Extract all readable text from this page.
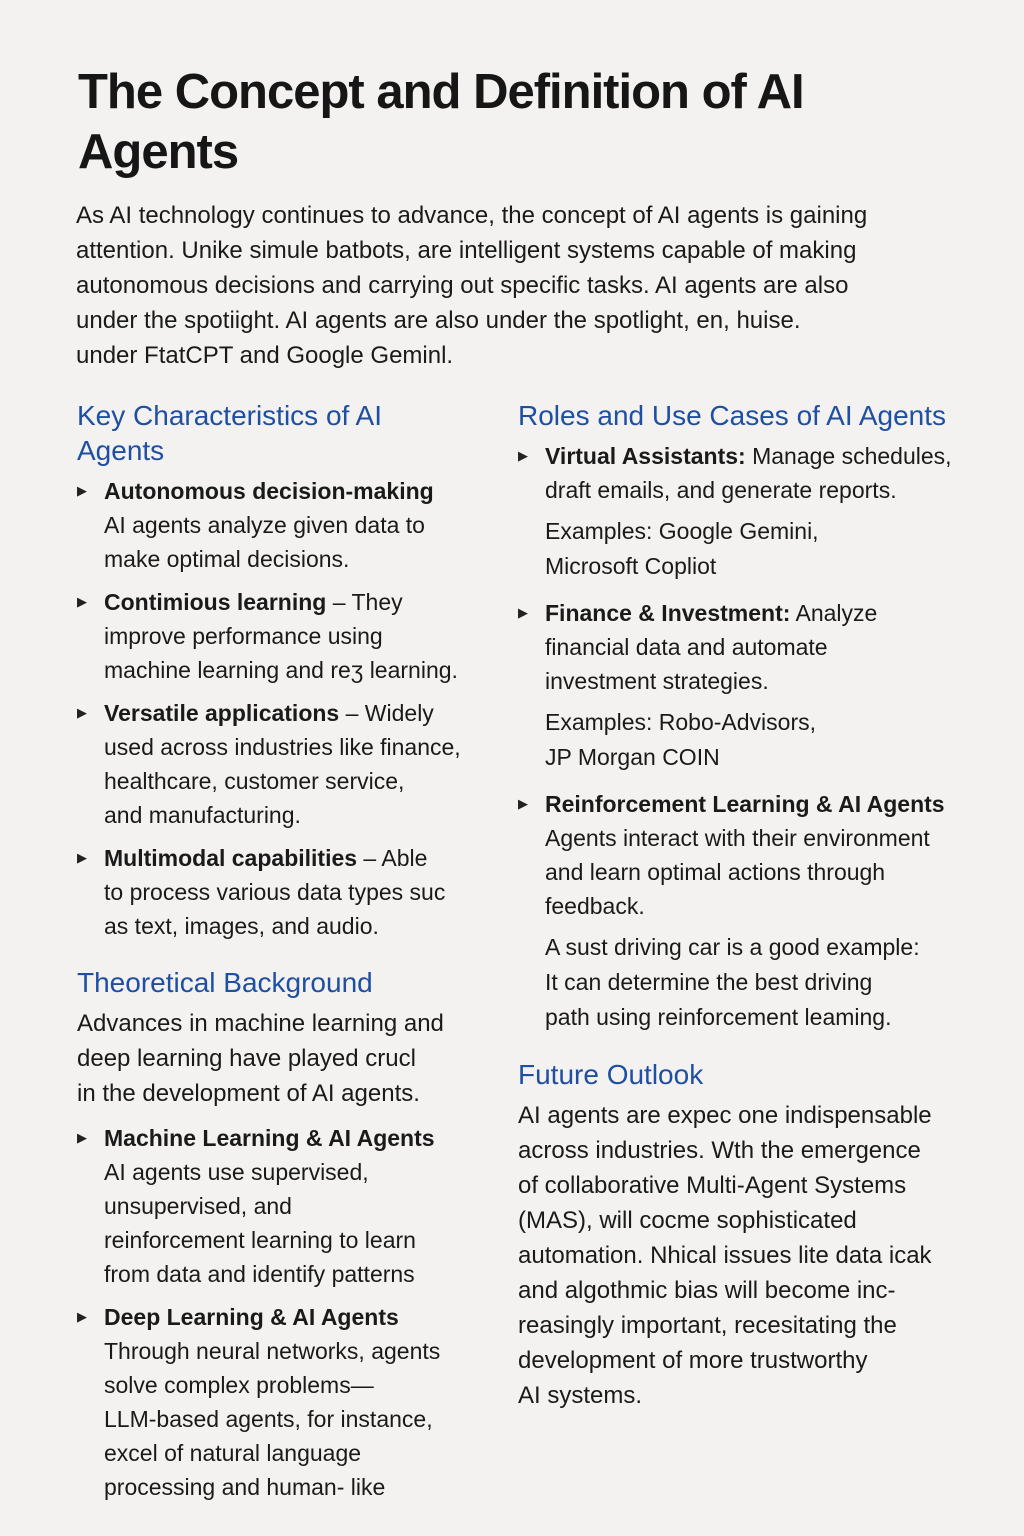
The Concept and Definition of AI
Agents

As AI technology continues to advance, the concept of AI agents is gaining
attention. Unike simule batbots, are intelligent systems capable of making
autonomous decisions and carrying out specific tasks. AI agents are also
under the spotiight. AI agents are also under the spotlight, en, huise.
under FtatCPT and Google Geminl.

Key Characteristics of AI
Agents
▶ Autonomous decision-making
AI agents analyze given data to
make optimal decisions.
▶ Contimious learning – They
improve performance using
machine learning and reʒ learning.
▶ Versatile applications – Widely
used across industries like finance,
healthcare, customer service,
and manufacturing.
▶ Multimodal capabilities – Able
to process various data types suc
as text, images, and audio.
Theoretical Background

Advances in machine learning and
deep learning have played crucl
in the development of AI agents.

▶ Machine Learning & AI Agents
AI agents use supervised,
unsupervised, and
reinforcement learning to learn
from data and identify patterns
▶ Deep Learning & AI Agents
Through neural networks, agents
solve complex problems—
LLM-based agents, for instance,
excel of natural language
processing and human- like
Roles and Use Cases of AI Agents
▶ Virtual Assistants: Manage schedules,
draft emails, and generate reports.
Examples: Google Gemini,
Microsoft Copliot
▶ Finance & Investment: Analyze
financial data and automate
investment strategies.
Examples: Robo-Advisors,
JP Morgan COIN
▶ Reinforcement Learning & AI Agents
Agents interact with their environment
and learn optimal actions through
feedback.
A sust driving car is a good example:
It can determine the best driving
path using reinforcement leaming.
Future Outlook

AI agents are expec one indispensable
across industries. Wth the emergence
of collaborative Multi-Agent Systems
(MAS), will cocme sophisticated
automation. Nhical issues lite data icak
and algothmic bias will become inc-
reasingly important, recesitating the
development of more trustworthy
AI systems.
